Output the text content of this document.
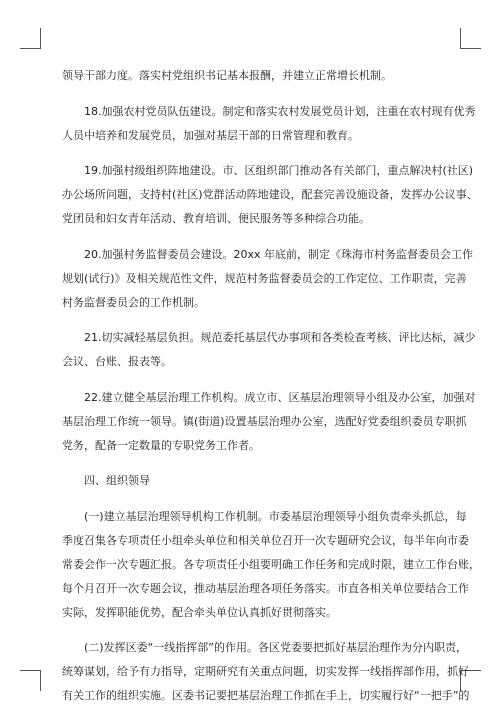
领导干部力度。落实村党组织书记基本报酬，并建立正常增长机制。

　　18.加强农村党员队伍建设。制定和落实农村发展党员计划，注重在农村现有优秀
人员中培养和发展党员，加强对基层干部的日常管理和教育。

　　19.加强村级组织阵地建设。市、区组织部门推动各有关部门，重点解决村(社区)
办公场所问题，支持村(社区)党群活动阵地建设，配套完善设施设备，发挥办公议事、
党团员和妇女青年活动、教育培训、便民服务等多种综合功能。

　　20.加强村务监督委员会建设。20xx 年底前，制定《珠海市村务监督委员会工作
规划(试行)》及相关规范性文件，规范村务监督委员会的工作定位、工作职责，完善
村务监督委员会的工作机制。

　　21.切实减轻基层负担。规范委托基层代办事项和各类检查考核、评比达标，减少
会议、台账、报表等。

　　22.建立健全基层治理工作机构。成立市、区基层治理领导小组及办公室，加强对
基层治理工作统一领导。镇(街道)设置基层治理办公室，选配好党委组织委员专职抓
党务，配备一定数量的专职党务工作者。

　　四、组织领导

　　(一)建立基层治理领导机构工作机制。市委基层治理领导小组负责牵头抓总，每
季度召集各专项责任小组牵头单位和相关单位召开一次专题研究会议，每半年向市委
常委会作一次专题汇报。各专项责任小组要明确工作任务和完成时限，建立工作台账，
每个月召开一次专题会议，推动基层治理各项任务落实。市直各相关单位要结合工作
实际，发挥职能优势，配合牵头单位认真抓好贯彻落实。

　　(二)发挥区委“一线指挥部”的作用。各区党委要把抓好基层治理作为分内职责，
统筹谋划，给予有力指导，定期研究有关重点问题，切实发挥一线指挥部作用，抓好
有关工作的组织实施。区委书记要把基层治理工作抓在手上，切实履行好“一把手”的
